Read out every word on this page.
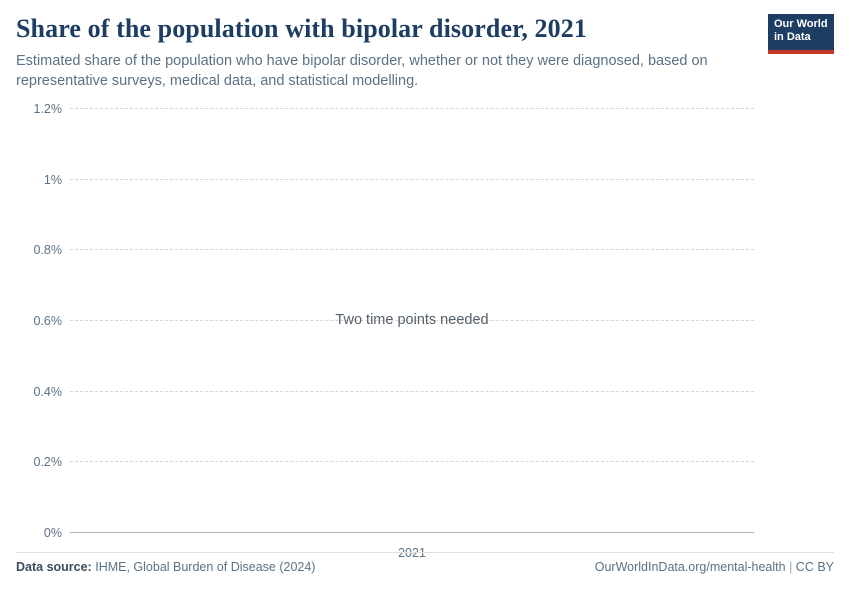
Share of the population with bipolar disorder, 2021

Estimated share of the population who have bipolar disorder, whether or not they were diagnosed, based on representative surveys, medical data, and statistical modelling.

Our World
in Data
0%
0.2%
0.4%
0.6%
0.8%
1%
1.2%
2021
Two time points needed
Data source: IHME, Global Burden of Disease (2024)	OurWorldInData.org/mental-health | CC BY
